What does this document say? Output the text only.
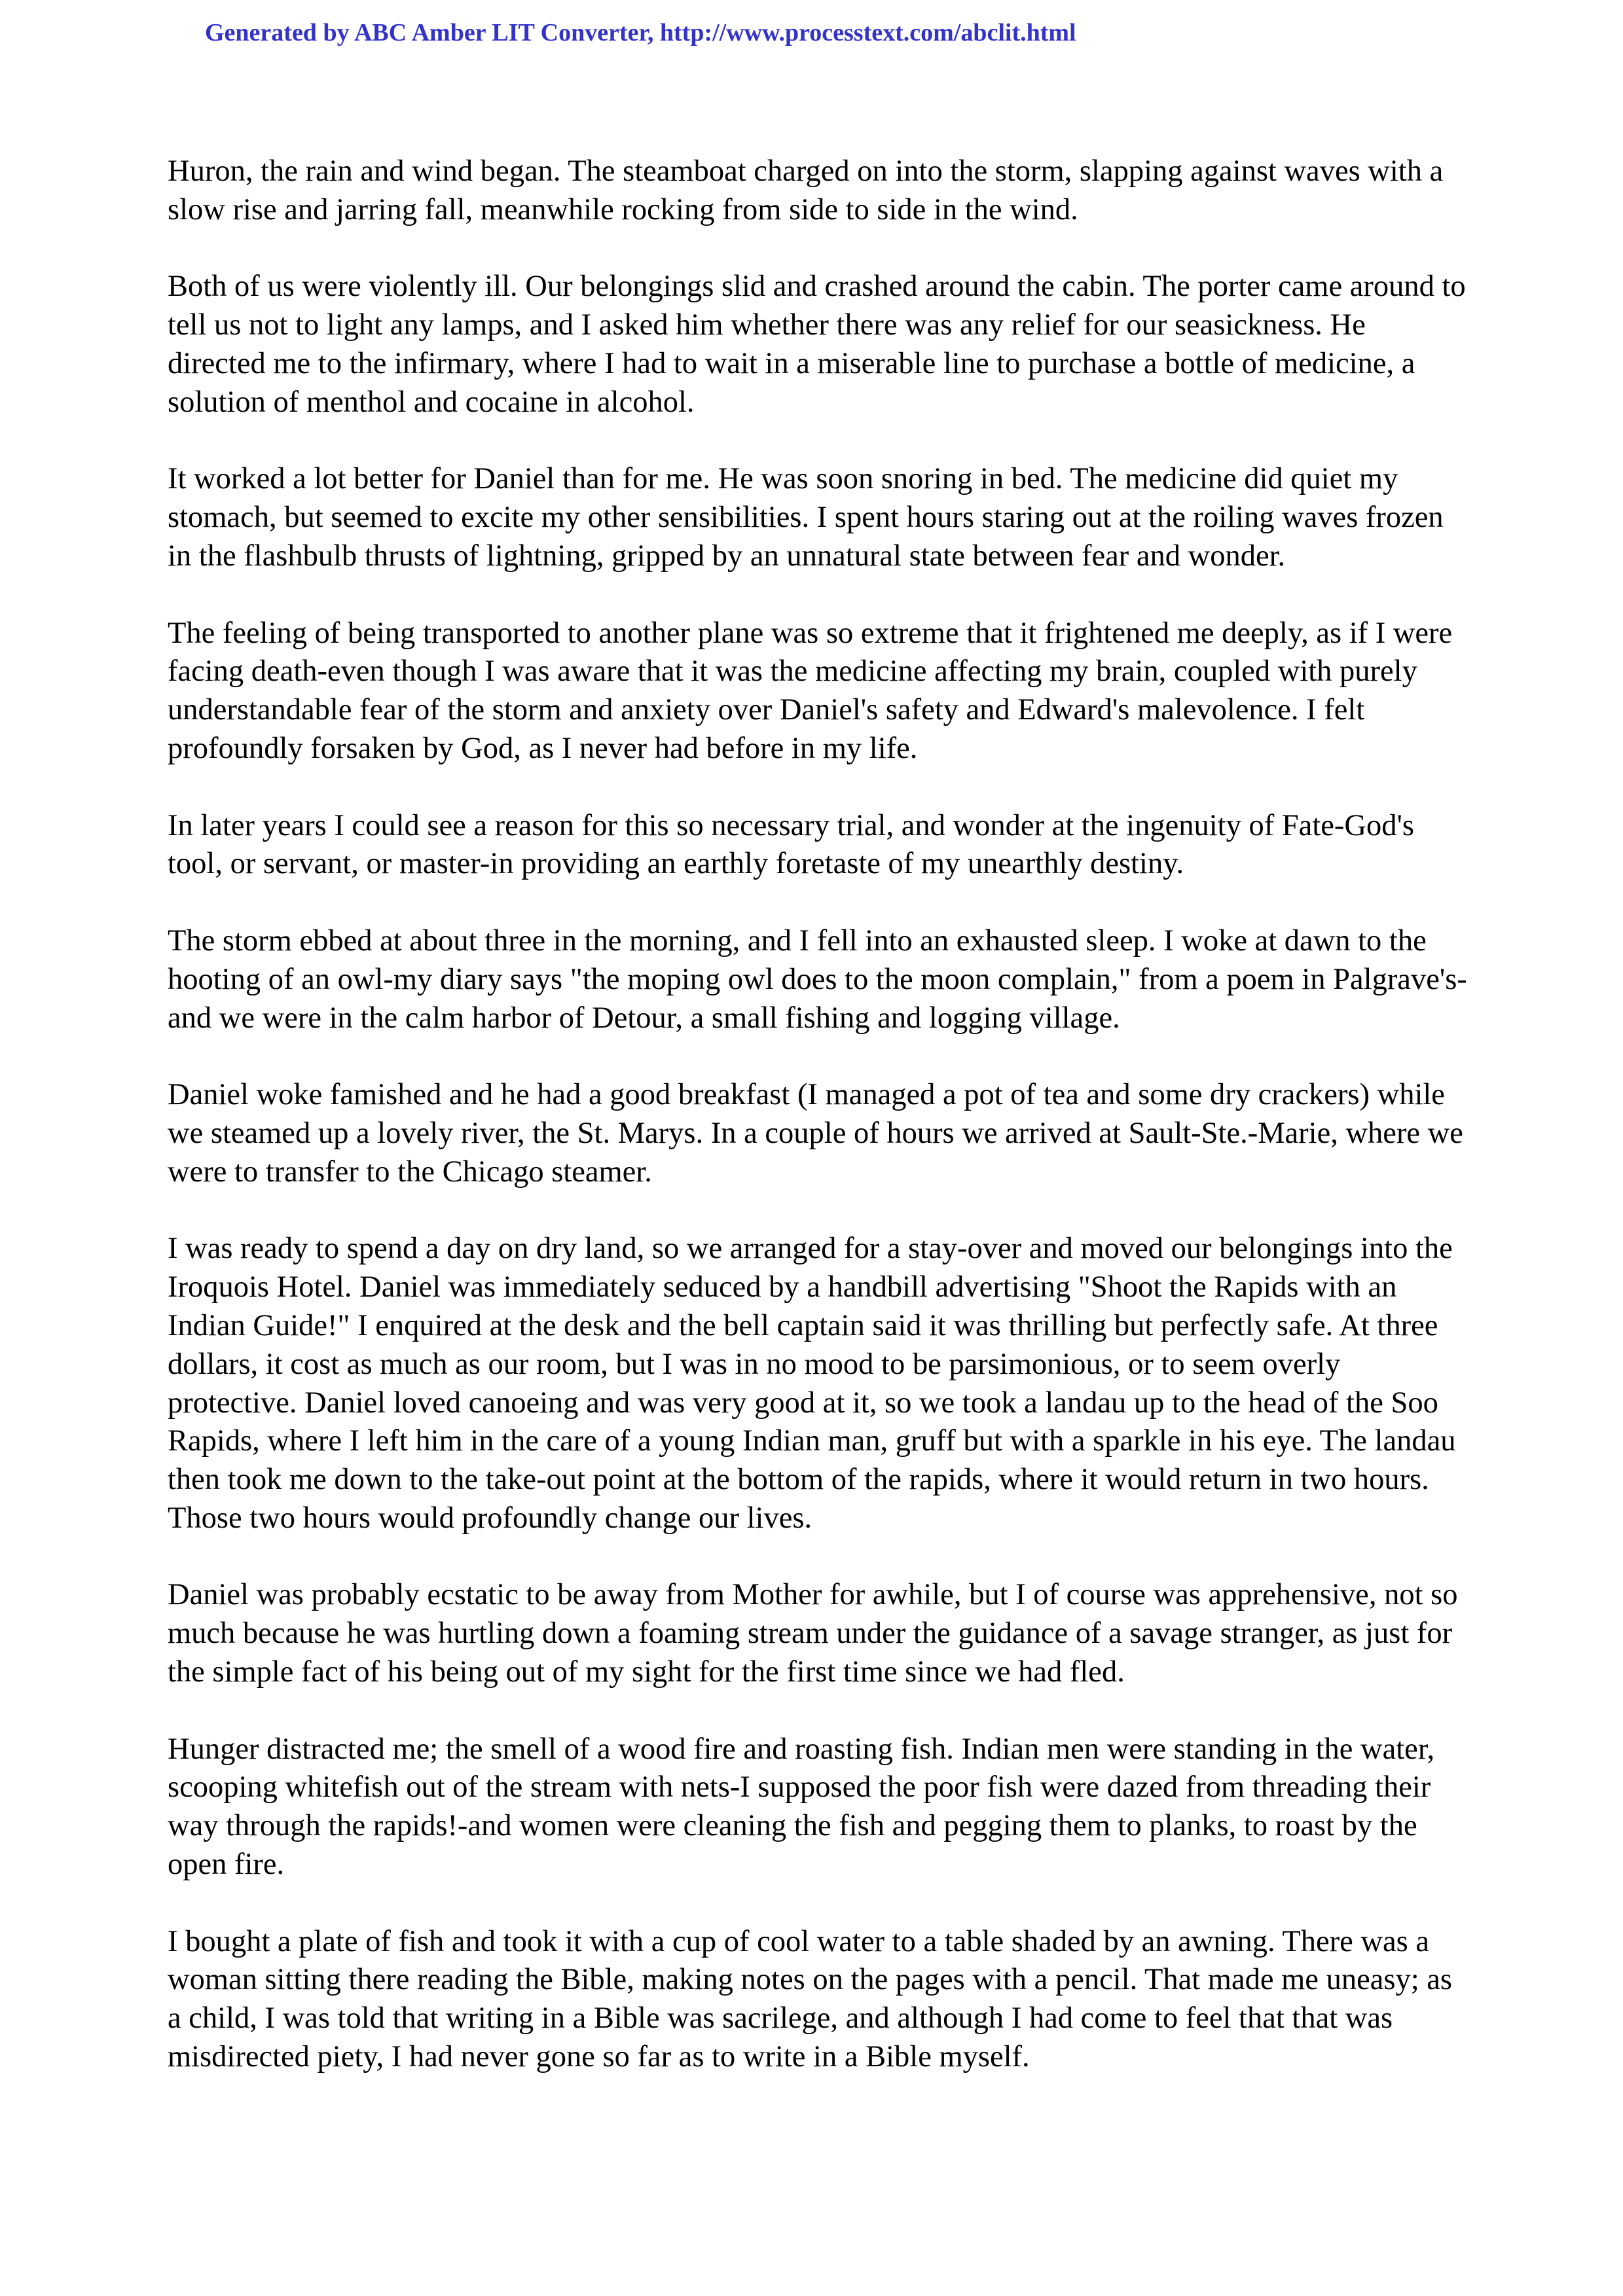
Generated by ABC Amber LIT Converter, http://www.processtext.com/abclit.html

Huron, the rain and wind began. The steamboat charged on into the storm, slapping against waves with a slow rise and jarring fall, meanwhile rocking from side to side in the wind.

Both of us were violently ill. Our belongings slid and crashed around the cabin. The porter came around to tell us not to light any lamps, and I asked him whether there was any relief for our seasickness. He directed me to the infirmary, where I had to wait in a miserable line to purchase a bottle of medicine, a solution of menthol and cocaine in alcohol.

It worked a lot better for Daniel than for me. He was soon snoring in bed. The medicine did quiet my stomach, but seemed to excite my other sensibilities. I spent hours staring out at the roiling waves frozen in the flashbulb thrusts of lightning, gripped by an unnatural state between fear and wonder.

The feeling of being transported to another plane was so extreme that it frightened me deeply, as if I were facing death-even though I was aware that it was the medicine affecting my brain, coupled with purely understandable fear of the storm and anxiety over Daniel's safety and Edward's malevolence. I felt profoundly forsaken by God, as I never had before in my life.

In later years I could see a reason for this so necessary trial, and wonder at the ingenuity of Fate-God's tool, or servant, or master-in providing an earthly foretaste of my unearthly destiny.

The storm ebbed at about three in the morning, and I fell into an exhausted sleep. I woke at dawn to the hooting of an owl-my diary says "the moping owl does to the moon complain," from a poem in Palgrave's-and we were in the calm harbor of Detour, a small fishing and logging village.

Daniel woke famished and he had a good breakfast (I managed a pot of tea and some dry crackers) while we steamed up a lovely river, the St. Marys. In a couple of hours we arrived at Sault-Ste.-Marie, where we were to transfer to the Chicago steamer.

I was ready to spend a day on dry land, so we arranged for a stay-over and moved our belongings into the Iroquois Hotel. Daniel was immediately seduced by a handbill advertising "Shoot the Rapids with an Indian Guide!" I enquired at the desk and the bell captain said it was thrilling but perfectly safe. At three dollars, it cost as much as our room, but I was in no mood to be parsimonious, or to seem overly protective. Daniel loved canoeing and was very good at it, so we took a landau up to the head of the Soo Rapids, where I left him in the care of a young Indian man, gruff but with a sparkle in his eye. The landau then took me down to the take-out point at the bottom of the rapids, where it would return in two hours. Those two hours would profoundly change our lives.

Daniel was probably ecstatic to be away from Mother for awhile, but I of course was apprehensive, not so much because he was hurtling down a foaming stream under the guidance of a savage stranger, as just for the simple fact of his being out of my sight for the first time since we had fled.

Hunger distracted me; the smell of a wood fire and roasting fish. Indian men were standing in the water, scooping whitefish out of the stream with nets-I supposed the poor fish were dazed from threading their way through the rapids!-and women were cleaning the fish and pegging them to planks, to roast by the open fire.

I bought a plate of fish and took it with a cup of cool water to a table shaded by an awning. There was a woman sitting there reading the Bible, making notes on the pages with a pencil. That made me uneasy; as a child, I was told that writing in a Bible was sacrilege, and although I had come to feel that that was misdirected piety, I had never gone so far as to write in a Bible myself.
